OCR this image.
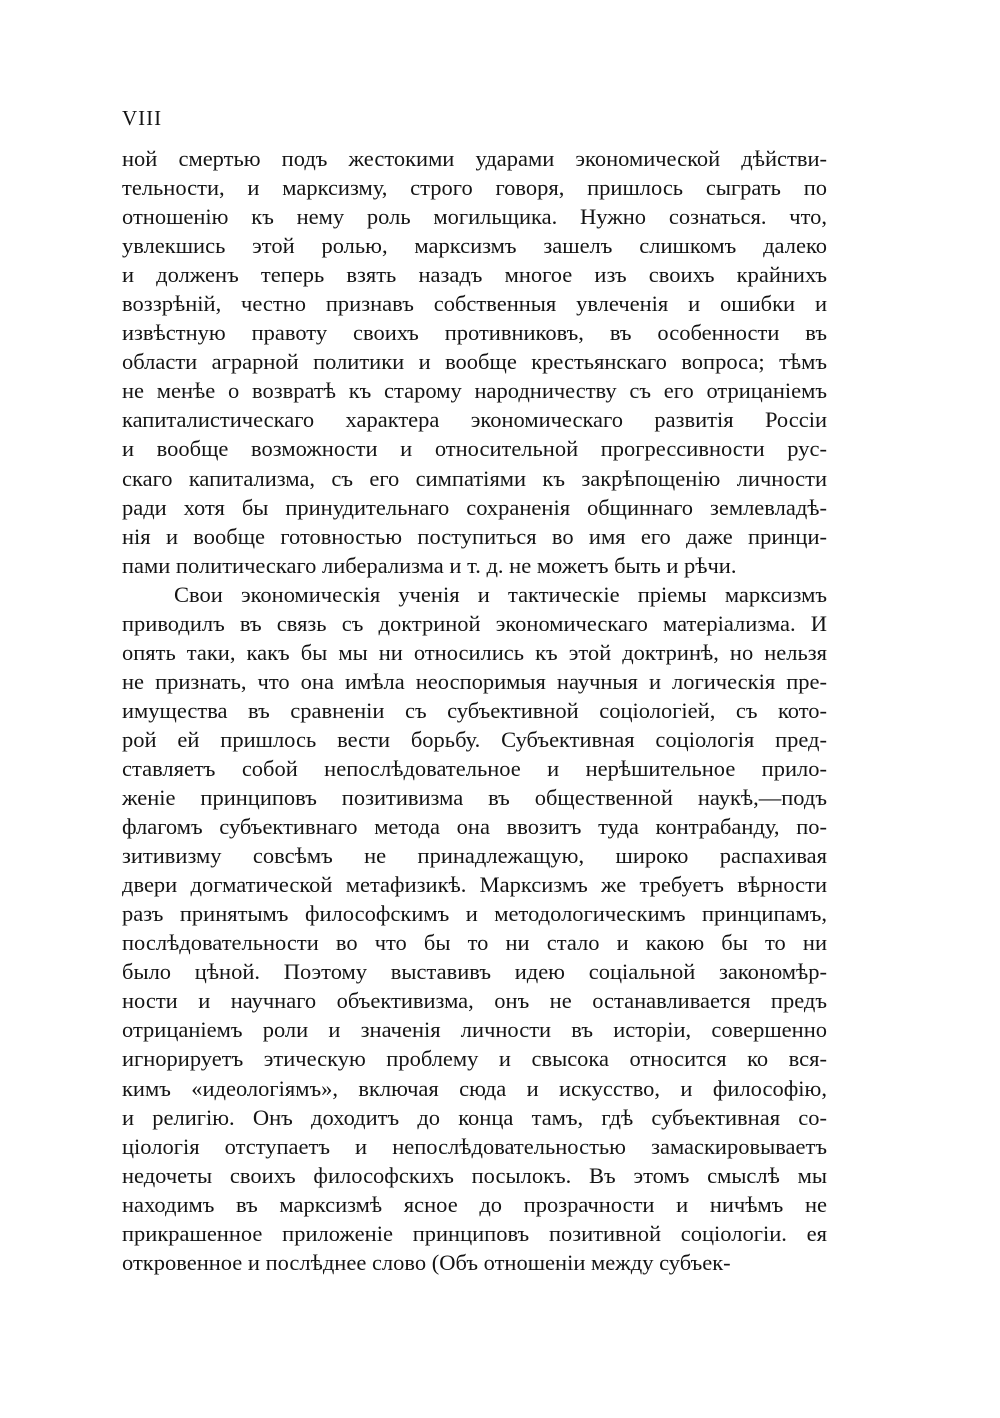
VIII
ной смертью подъ жестокими ударами экономической дѣйстви-
тельности, и марксизму, строго говоря, пришлось сыграть по
отношенію къ нему роль могильщика. Нужно сознаться. что,
увлекшись этой ролью, марксизмъ зашелъ слишкомъ далеко
и долженъ теперь взять назадъ многое изъ своихъ крайнихъ
воззрѣній, честно признавъ собственныя увлеченія и ошибки и
извѣстную правоту своихъ противниковъ, въ особенности въ
области аграрной политики и вообще крестьянскаго вопроса; тѣмъ
не менѣе о возвратѣ къ старому народничеству съ его отрицаніемъ
капиталистическаго характера экономическаго развитія Россіи
и вообще возможности и относительной прогрессивности рус-
скаго капитализма, съ его симпатіями къ закрѣпощенію личности
ради хотя бы принудительнаго сохраненія общиннаго землевладѣ-
нія и вообще готовностью поступиться во имя его даже принци-
пами политическаго либерализма и т. д. не можетъ быть и рѣчи.
Свои экономическія ученія и тактическіе пріемы марксизмъ
приводилъ въ связь съ доктриной экономическаго матеріализма. И
опять таки, какъ бы мы ни относились къ этой доктринѣ, но нельзя
не признать, что она имѣла неоспоримыя научныя и логическія пре-
имущества въ сравненіи съ субъективной соціологіей, съ кото-
рой ей пришлось вести борьбу. Субъективная соціологія пред-
ставляетъ собой непослѣдовательное и нерѣшительное прило-
женіе принциповъ позитивизма въ общественной наукѣ,—подъ
флагомъ субъективнаго метода она ввозитъ туда контрабанду, по-
зитивизму совсѣмъ не принадлежащую, широко распахивая
двери догматической метафизикѣ. Марксизмъ же требуетъ вѣрности
разъ принятымъ философскимъ и методологическимъ принципамъ,
послѣдовательности во что бы то ни стало и какою бы то ни
было цѣной. Поэтому выставивъ идею соціальной закономѣр-
ности и научнаго объективизма, онъ не останавливается предъ
отрицаніемъ роли и значенія личности въ исторіи, совершенно
игнорируетъ этическую проблему и свысока относится ко вся-
кимъ «идеологіямъ», включая сюда и искусство, и философію,
и религію. Онъ доходитъ до конца тамъ, гдѣ субъективная со-
ціологія отступаетъ и непослѣдовательностью замаскировываетъ
недочеты своихъ философскихъ посылокъ. Въ этомъ смыслѣ мы
находимъ въ марксизмѣ ясное до прозрачности и ничѣмъ не
прикрашенное приложеніе принциповъ позитивной соціологіи. ея
откровенное и послѣднее слово (Объ отношеніи между субъек-
